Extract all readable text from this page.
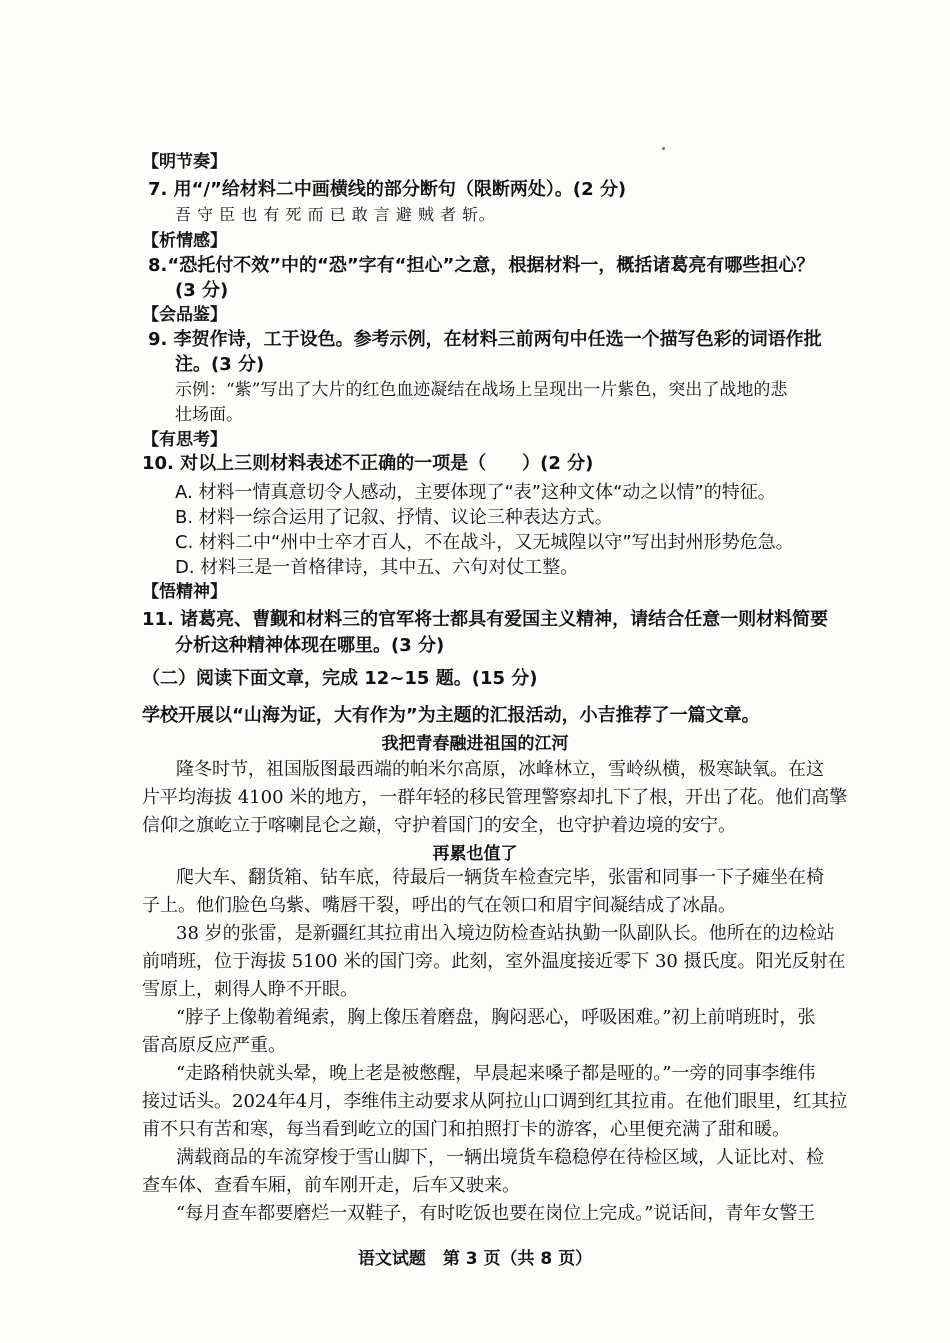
【明节奏】
7. 用“/”给材料二中画横线的部分断句（限断两处）。(2 分)
吾 守 臣 也 有 死 而 已 敢 言 避 贼 者 斩。
【析情感】
8.“恐托付不效”中的“恐”字有“担心”之意，根据材料一，概括诸葛亮有哪些担心？
(3 分)
【会品鉴】
9. 李贺作诗，工于设色。参考示例，在材料三前两句中任选一个描写色彩的词语作批
注。(3 分)
示例：“紫”写出了大片的红色血迹凝结在战场上呈现出一片紫色，突出了战地的悲
壮场面。
【有思考】
10. 对以上三则材料表述不正确的一项是（　　）(2 分)
A. 材料一情真意切令人感动，主要体现了“表”这种文体“动之以情”的特征。
B. 材料一综合运用了记叙、抒情、议论三种表达方式。
C. 材料二中“州中士卒才百人，不在战斗，又无城隍以守”写出封州形势危急。
D. 材料三是一首格律诗，其中五、六句对仗工整。
【悟精神】
11. 诸葛亮、曹觐和材料三的官军将士都具有爱国主义精神，请结合任意一则材料简要
分析这种精神体现在哪里。(3 分)
（二）阅读下面文章，完成 12~15 题。(15 分)
学校开展以“山海为证，大有作为”为主题的汇报活动，小吉推荐了一篇文章。
我把青春融进祖国的江河
隆冬时节，祖国版图最西端的帕米尔高原，冰峰林立，雪岭纵横，极寒缺氧。在这
片平均海拔 4100 米的地方，一群年轻的移民管理警察却扎下了根，开出了花。他们高擎
信仰之旗屹立于喀喇昆仑之巅，守护着国门的安全，也守护着边境的安宁。
再累也值了
爬大车、翻货箱、钻车底，待最后一辆货车检查完毕，张雷和同事一下子瘫坐在椅
子上。他们脸色乌紫、嘴唇干裂，呼出的气在领口和眉宇间凝结成了冰晶。
38 岁的张雷，是新疆红其拉甫出入境边防检查站执勤一队副队长。他所在的边检站
前哨班，位于海拔 5100 米的国门旁。此刻，室外温度接近零下 30 摄氏度。阳光反射在
雪原上，刺得人睁不开眼。
“脖子上像勒着绳索，胸上像压着磨盘，胸闷恶心，呼吸困难。”初上前哨班时，张
雷高原反应严重。
“走路稍快就头晕，晚上老是被憋醒，早晨起来嗓子都是哑的。”一旁的同事李维伟
接过话头。2024年4月，李维伟主动要求从阿拉山口调到红其拉甫。在他们眼里，红其拉
甫不只有苦和寒，每当看到屹立的国门和拍照打卡的游客，心里便充满了甜和暖。
满载商品的车流穿梭于雪山脚下，一辆出境货车稳稳停在待检区域，人证比对、检
查车体、查看车厢，前车刚开走，后车又驶来。
“每月查车都要磨烂一双鞋子，有时吃饭也要在岗位上完成。”说话间，青年女警王
语文试题　第 3 页（共 8 页）
